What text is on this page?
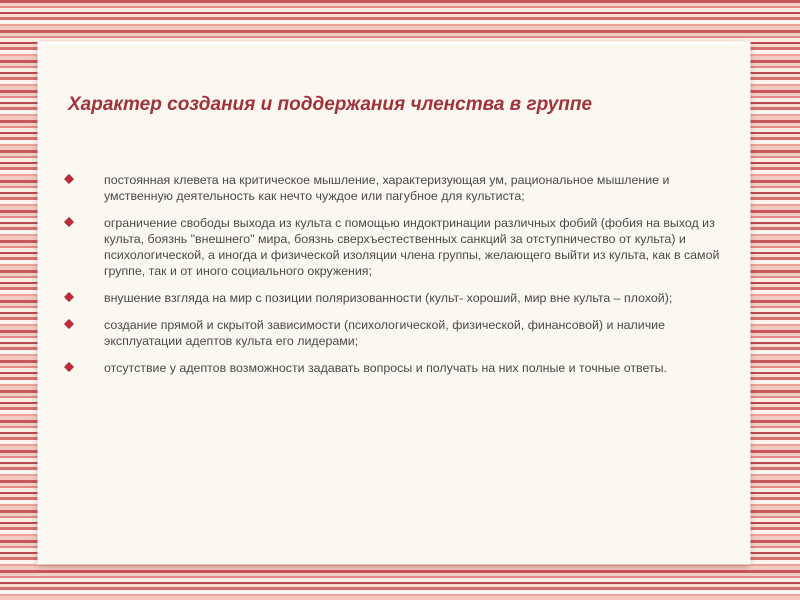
Характер создания и поддержания членства в группе
постоянная клевета на критическое мышление, характеризующая ум, рациональное мышление и умственную деятельность как нечто чуждое или пагубное для культиста;
ограничение свободы выхода из культа с помощью индоктринации различных фобий (фобия на выход из культа, боязнь "внешнего" мира, боязнь сверхъестественных санкций за отступничество от культа) и психологической, а иногда и физической изоляции члена группы, желающего выйти из культа, как в самой группе, так и от иного социального окружения;
внушение взгляда на мир с позиции поляризованности (культ- хороший, мир вне культа – плохой);
создание прямой и скрытой зависимости (психологической, физической, финансовой) и наличие эксплуатации адептов культа его лидерами;
отсутствие у адептов возможности задавать вопросы и получать на них полные и точные ответы.
